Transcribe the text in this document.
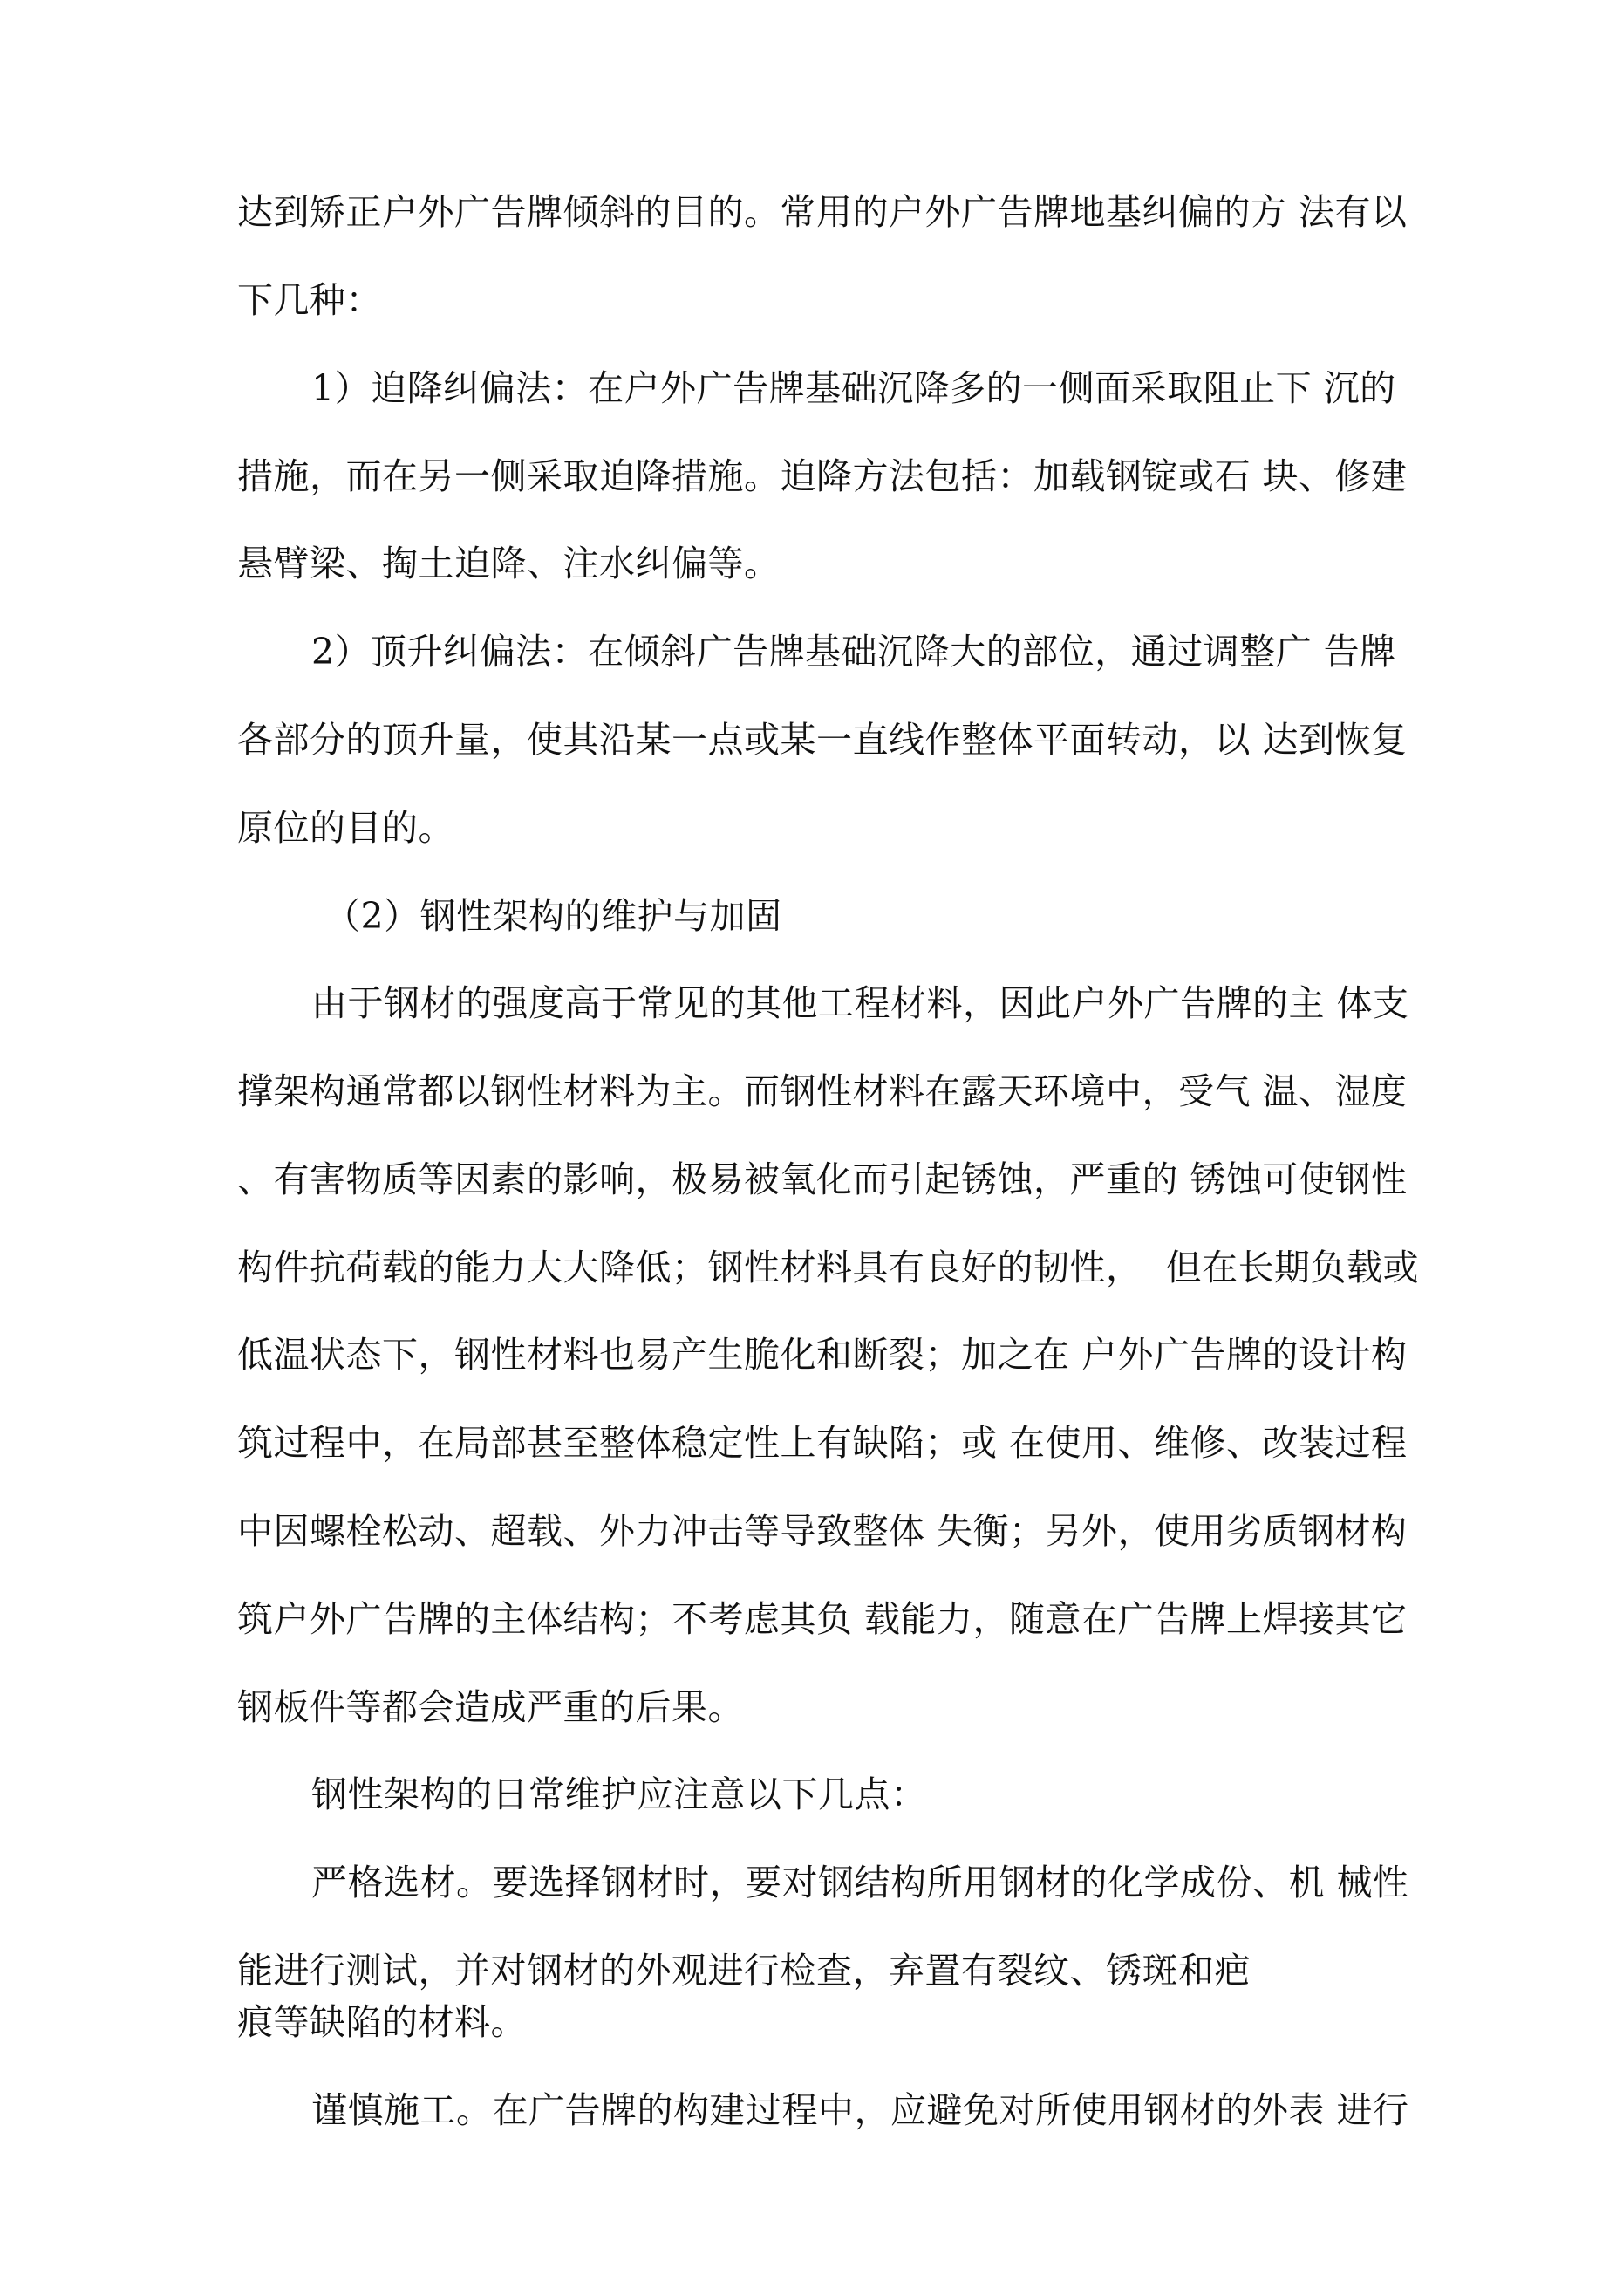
达到矫正户外广告牌倾斜的目的。常用的户外广告牌地基纠偏的方 法有以
下几种：
1）迫降纠偏法：在户外广告牌基础沉降多的一侧面采取阻止下 沉的
措施，而在另一侧采取迫降措施。迫降方法包括：加载钢锭或石 块、修建
悬臂梁、掏土迫降、注水纠偏等。
2）顶升纠偏法：在倾斜广告牌基础沉降大的部位，通过调整广 告牌
各部分的顶升量，使其沿某一点或某一直线作整体平面转动，以 达到恢复
原位的目的。
（2）钢性架构的维护与加固
由于钢材的强度高于常见的其他工程材料，因此户外广告牌的主 体支
撑架构通常都以钢性材料为主。而钢性材料在露天环境中，受气 温、湿度
、有害物质等因素的影响，极易被氧化而引起锈蚀，严重的 锈蚀可使钢性
构件抗荷载的能力大大降低；钢性材料具有良好的韧性，  但在长期负载或
低温状态下，钢性材料也易产生脆化和断裂；加之在 户外广告牌的设计构
筑过程中，在局部甚至整体稳定性上有缺陷；或 在使用、维修、改装过程
中因螺栓松动、超载、外力冲击等导致整体 失衡；另外，使用劣质钢材构
筑户外广告牌的主体结构；不考虑其负 载能力，随意在广告牌上焊接其它
钢板件等都会造成严重的后果。
钢性架构的日常维护应注意以下几点：
严格选材。要选择钢材时，要对钢结构所用钢材的化学成份、机 械性
能进行测试，并对钢材的外观进行检查，弃置有裂纹、锈斑和疤
痕等缺陷的材料。
谨慎施工。在广告牌的构建过程中，应避免对所使用钢材的外表 进行
